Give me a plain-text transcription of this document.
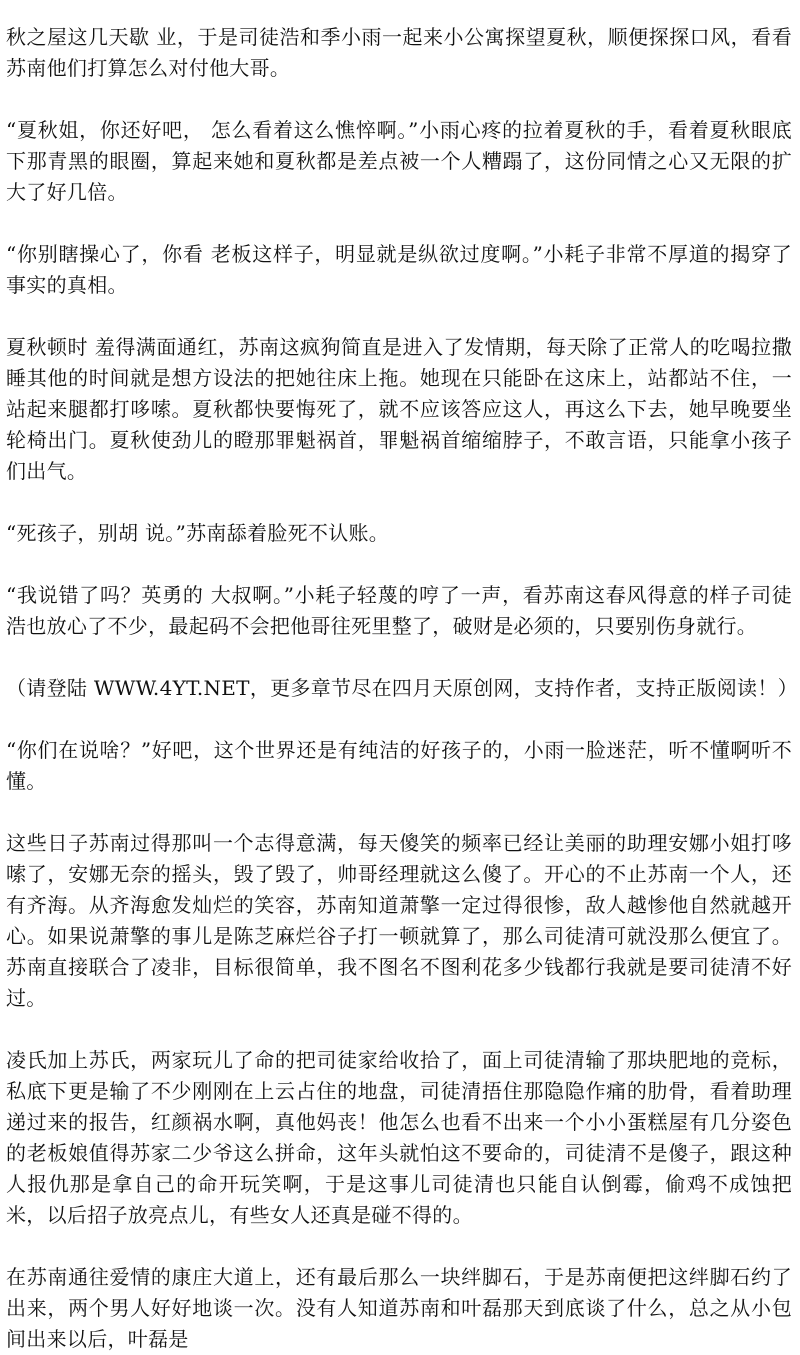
秋之屋这几天歇 业，于是司徒浩和季小雨一起来小公寓探望夏秋，顺便探探口风，看看苏南他们打算怎么对付他大哥。

“夏秋姐，你还好吧， 怎么看着这么憔悴啊。”小雨心疼的拉着夏秋的手，看着夏秋眼底下那青黑的眼圈，算起来她和夏秋都是差点被一个人糟蹋了，这份同情之心又无限的扩大了好几倍。

“你别瞎操心了，你看 老板这样子，明显就是纵欲过度啊。”小耗子非常不厚道的揭穿了事实的真相。

夏秋顿时 羞得满面通红，苏南这疯狗简直是进入了发情期，每天除了正常人的吃喝拉撒睡其他的时间就是想方设法的把她往床上拖。她现在只能卧在这床上，站都站不住，一站起来腿都打哆嗦。夏秋都快要悔死了，就不应该答应这人，再这么下去，她早晚要坐轮椅出门。夏秋使劲儿的瞪那罪魁祸首，罪魁祸首缩缩脖子，不敢言语，只能拿小孩子们出气。

“死孩子，别胡 说。”苏南舔着脸死不认账。

“我说错了吗？英勇的 大叔啊。”小耗子轻蔑的哼了一声，看苏南这春风得意的样子司徒浩也放心了不少，最起码不会把他哥往死里整了，破财是必须的，只要别伤身就行。

（请登陆 WWW.4YT.NET，更多章节尽在四月天原创网，支持作者，支持正版阅读！）

“你们在说啥？”好吧，这个世界还是有纯洁的好孩子的，小雨一脸迷茫，听不懂啊听不懂。

这些日子苏南过得那叫一个志得意满，每天傻笑的频率已经让美丽的助理安娜小姐打哆嗦了，安娜无奈的摇头，毁了毁了，帅哥经理就这么傻了。开心的不止苏南一个人，还有齐海。从齐海愈发灿烂的笑容，苏南知道萧擎一定过得很惨，敌人越惨他自然就越开心。如果说萧擎的事儿是陈芝麻烂谷子打一顿就算了，那么司徒清可就没那么便宜了。苏南直接联合了凌非，目标很简单，我不图名不图利花多少钱都行我就是要司徒清不好过。

凌氏加上苏氏，两家玩儿了命的把司徒家给收拾了，面上司徒清输了那块肥地的竞标，私底下更是输了不少刚刚在上云占住的地盘，司徒清捂住那隐隐作痛的肋骨，看着助理递过来的报告，红颜祸水啊，真他妈丧！他怎么也看不出来一个小小蛋糕屋有几分姿色的老板娘值得苏家二少爷这么拼命，这年头就怕这不要命的，司徒清不是傻子，跟这种人报仇那是拿自己的命开玩笑啊，于是这事儿司徒清也只能自认倒霉，偷鸡不成蚀把米，以后招子放亮点儿，有些女人还真是碰不得的。

在苏南通往爱情的康庄大道上，还有最后那么一块绊脚石，于是苏南便把这绊脚石约了出来，两个男人好好地谈一次。没有人知道苏南和叶磊那天到底谈了什么，总之从小包间出来以后，叶磊是
